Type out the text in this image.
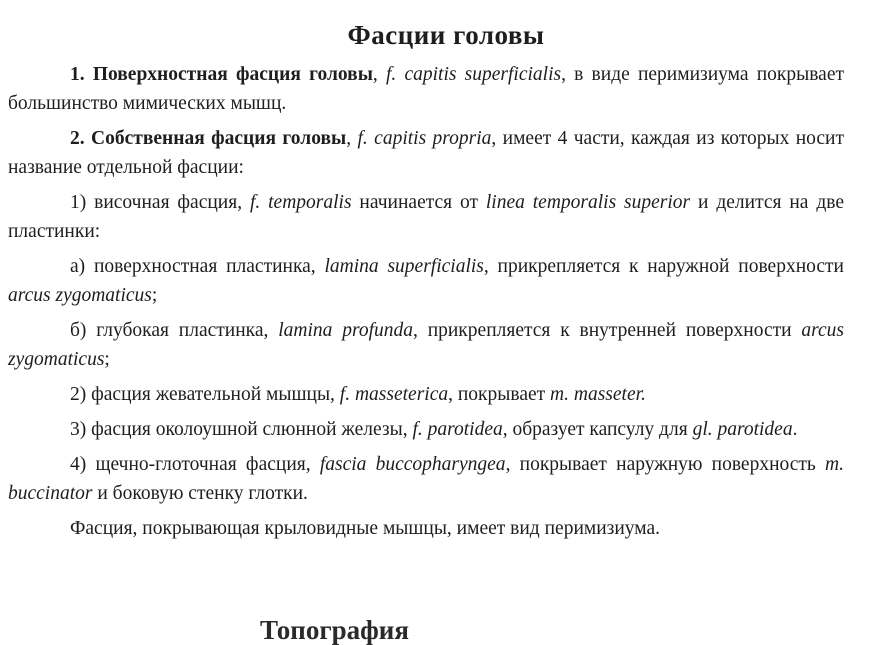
Фасции головы

1. Поверхностная фасция головы, f. capitis superficialis, в виде перимизиума покрывает большинство мимических мышц.

2. Собственная фасция головы, f. capitis propria, имеет 4 части, каждая из которых носит название отдельной фасции:

1) височная фасция, f. temporalis начинается от linea temporalis superior и делится на две пластинки:

а) поверхностная пластинка, lamina superficialis, прикрепляется к наружной поверхности arcus zygomaticus;

б) глубокая пластинка, lamina profunda, прикрепляется к внутренней поверхности arcus zygomaticus;

2) фасция жевательной мышцы, f. masseterica, покрывает m. masseter.

3) фасция околоушной слюнной железы, f. parotidea, образует капсулу для gl. parotidea.

4) щечно-глоточная фасция, fascia buccopharyngea, покрывает наружную поверхность m. buccinator и боковую стенку глотки.

Фасция, покрывающая крыловидные мышцы, имеет вид перимизиума.

Топография
